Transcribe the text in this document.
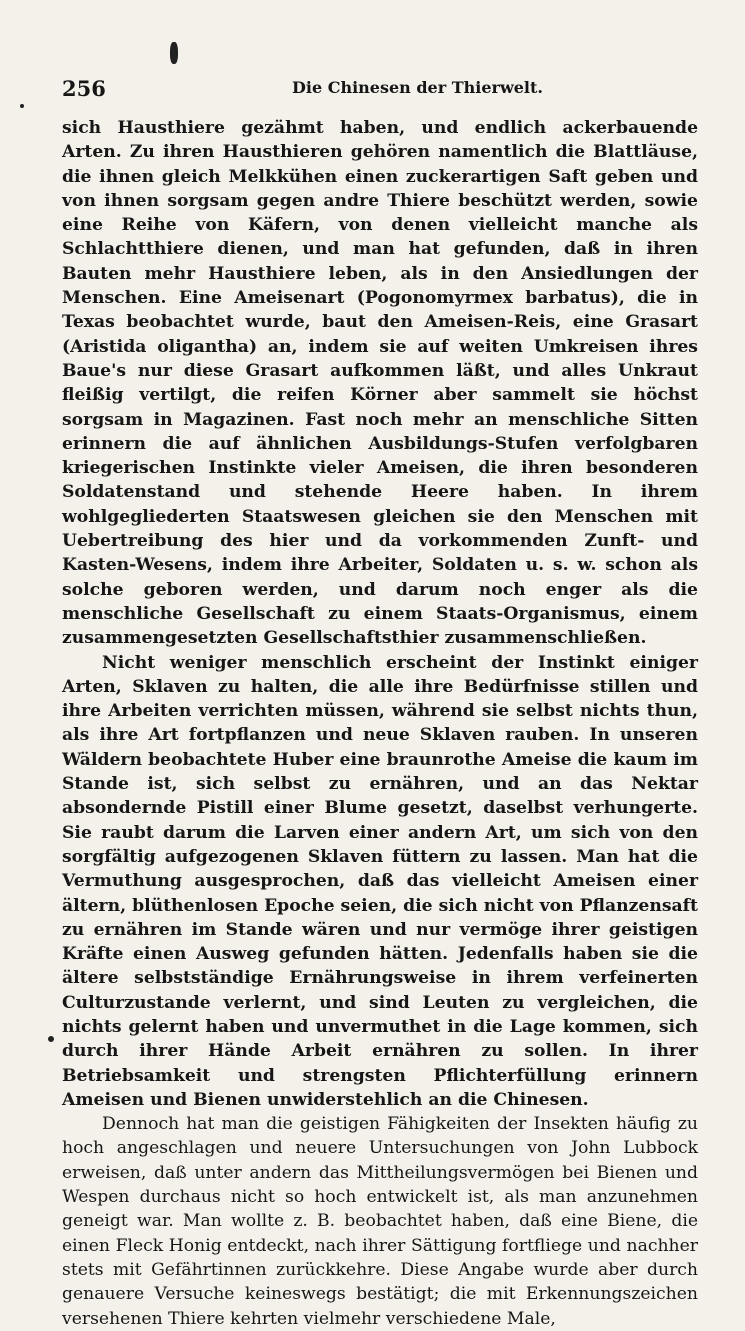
256	Die Chinesen der Thierwelt.

sich Hausthiere gezähmt haben, und endlich ackerbauende Arten. Zu ihren Hausthieren gehören namentlich die Blattläuse, die ihnen gleich Melkkühen einen zuckerartigen Saft geben und von ihnen sorgsam gegen andre Thiere beschützt werden, sowie eine Reihe von Käfern, von denen vielleicht manche als Schlachtthiere dienen, und man hat gefunden, daß in ihren Bauten mehr Hausthiere leben, als in den Ansiedlungen der Menschen. Eine Ameisenart (Pogonomyrmex barbatus), die in Texas beobachtet wurde, baut den Ameisen-Reis, eine Grasart (Aristida oligantha) an, indem sie auf weiten Umkreisen ihres Baue's nur diese Grasart aufkommen läßt, und alles Unkraut fleißig vertilgt, die reifen Körner aber sammelt sie höchst sorgsam in Magazinen. Fast noch mehr an menschliche Sitten erinnern die auf ähnlichen Ausbildungs-Stufen verfolgbaren kriegerischen Instinkte vieler Ameisen, die ihren besonderen Soldatenstand und stehende Heere haben. In ihrem wohlgegliederten Staatswesen gleichen sie den Menschen mit Uebertreibung des hier und da vorkommenden Zunft- und Kasten-Wesens, indem ihre Arbeiter, Soldaten u. s. w. schon als solche geboren werden, und darum noch enger als die menschliche Gesellschaft zu einem Staats-Organismus, einem zusammengesetzten Gesellschaftsthier zusammenschließen.

Nicht weniger menschlich erscheint der Instinkt einiger Arten, Sklaven zu halten, die alle ihre Bedürfnisse stillen und ihre Arbeiten verrichten müssen, während sie selbst nichts thun, als ihre Art fortpflanzen und neue Sklaven rauben. In unseren Wäldern beobachtete Huber eine braunrothe Ameise die kaum im Stande ist, sich selbst zu ernähren, und an das Nektar absondernde Pistill einer Blume gesetzt, daselbst verhungerte. Sie raubt darum die Larven einer andern Art, um sich von den sorgfältig aufgezogenen Sklaven füttern zu lassen. Man hat die Vermuthung ausgesprochen, daß das vielleicht Ameisen einer ältern, blüthenlosen Epoche seien, die sich nicht von Pflanzensaft zu ernähren im Stande wären und nur vermöge ihrer geistigen Kräfte einen Ausweg gefunden hätten. Jedenfalls haben sie die ältere selbstständige Ernährungsweise in ihrem verfeinerten Culturzustande verlernt, und sind Leuten zu vergleichen, die nichts gelernt haben und unvermuthet in die Lage kommen, sich durch ihrer Hände Arbeit ernähren zu sollen. In ihrer Betriebsamkeit und strengsten Pflichterfüllung erinnern Ameisen und Bienen unwiderstehlich an die Chinesen.

Dennoch hat man die geistigen Fähigkeiten der Insekten häufig zu hoch angeschlagen und neuere Untersuchungen von John Lubbock erweisen, daß unter andern das Mittheilungsvermögen bei Bienen und Wespen durchaus nicht so hoch entwickelt ist, als man anzunehmen geneigt war. Man wollte z. B. beobachtet haben, daß eine Biene, die einen Fleck Honig entdeckt, nach ihrer Sättigung fortfliege und nachher stets mit Gefährtinnen zurückkehre. Diese Angabe wurde aber durch genauere Versuche keineswegs bestätigt; die mit Erkennungszeichen versehenen Thiere kehrten vielmehr verschiedene Male,
